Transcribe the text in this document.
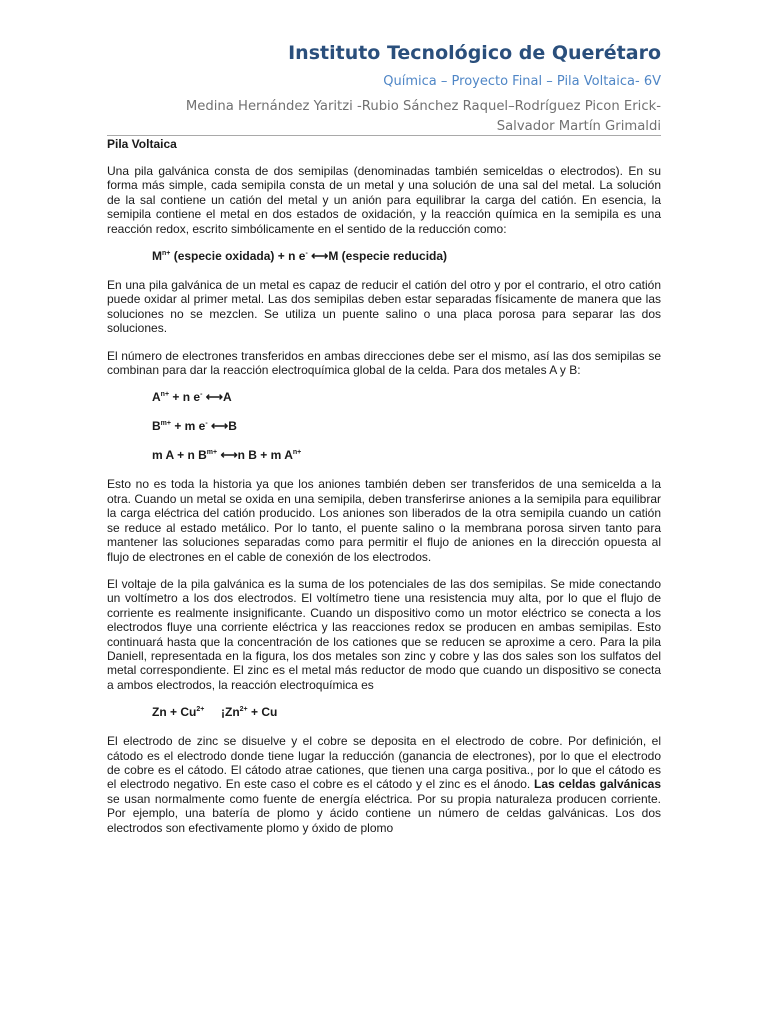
Instituto Tecnológico de Querétaro
Química – Proyecto Final – Pila Voltaica- 6V
Medina Hernández Yaritzi -Rubio Sánchez Raquel–Rodríguez Picon Erick-
Salvador Martín Grimaldi
Pila Voltaica

Una pila galvánica consta de dos semipilas (denominadas también semiceldas o electrodos). En su forma más simple, cada semipila consta de un metal y una solución de una sal del metal. La solución de la sal contiene un catión del metal y un anión para equilibrar la carga del catión. En esencia, la semipila contiene el metal en dos estados de oxidación, y la reacción química en la semipila es una reacción redox, escrito simbólicamente en el sentido de la reducción como:

$M^{n+}$ (especie oxidada) + n e- ⟷M (especie reducida)

En una pila galvánica de un metal es capaz de reducir el catión del otro y por el contrario, el otro catión puede oxidar al primer metal. Las dos semipilas deben estar separadas físicamente de manera que las soluciones no se mezclen. Se utiliza un puente salino o una placa porosa para separar las dos soluciones.

El número de electrones transferidos en ambas direcciones debe ser el mismo, así las dos semipilas se combinan para dar la reacción electroquímica global de la celda. Para dos metales A y B:

$A^{n+} + n$ e- ⟷A
$B^{m+} + m$ e- ⟷B
m A + n $B^{m+}$ ⟷n B + m $A^{n+}$

Esto no es toda la historia ya que los aniones también deben ser transferidos de una semicelda a la otra. Cuando un metal se oxida en una semipila, deben transferirse aniones a la semipila para equilibrar la carga eléctrica del catión producido. Los aniones son liberados de la otra semipila cuando un catión se reduce al estado metálico. Por lo tanto, el puente salino o la membrana porosa sirven tanto para mantener las soluciones separadas como para permitir el flujo de aniones en la dirección opuesta al flujo de electrones en el cable de conexión de los electrodos.

El voltaje de la pila galvánica es la suma de los potenciales de las dos semipilas. Se mide conectando un voltímetro a los dos electrodos. El voltímetro tiene una resistencia muy alta, por lo que el flujo de corriente es realmente insignificante. Cuando un dispositivo como un motor eléctrico se conecta a los electrodos fluye una corriente eléctrica y las reacciones redox se producen en ambas semipilas. Esto continuará hasta que la concentración de los cationes que se reducen se aproxime a cero. Para la pila Daniell, representada en la figura, los dos metales son zinc y cobre y las dos sales son los sulfatos del metal correspondiente. El zinc es el metal más reductor de modo que cuando un dispositivo se conecta a ambos electrodos, la reacción electroquímica es

$Zn + Cu^{2+}$     ¡$Zn^{2+} + Cu$

El electrodo de zinc se disuelve y el cobre se deposita en el electrodo de cobre. Por definición, el cátodo es el electrodo donde tiene lugar la reducción (ganancia de electrones), por lo que el electrodo de cobre es el cátodo. El cátodo atrae cationes, que tienen una carga positiva., por lo que el cátodo es el electrodo negativo. En este caso el cobre es el cátodo y el zinc es el ánodo. Las celdas galvánicas se usan normalmente como fuente de energía eléctrica. Por su propia naturaleza producen corriente. Por ejemplo, una batería de plomo y ácido contiene un número de celdas galvánicas. Los dos electrodos son efectivamente plomo y óxido de plomo
